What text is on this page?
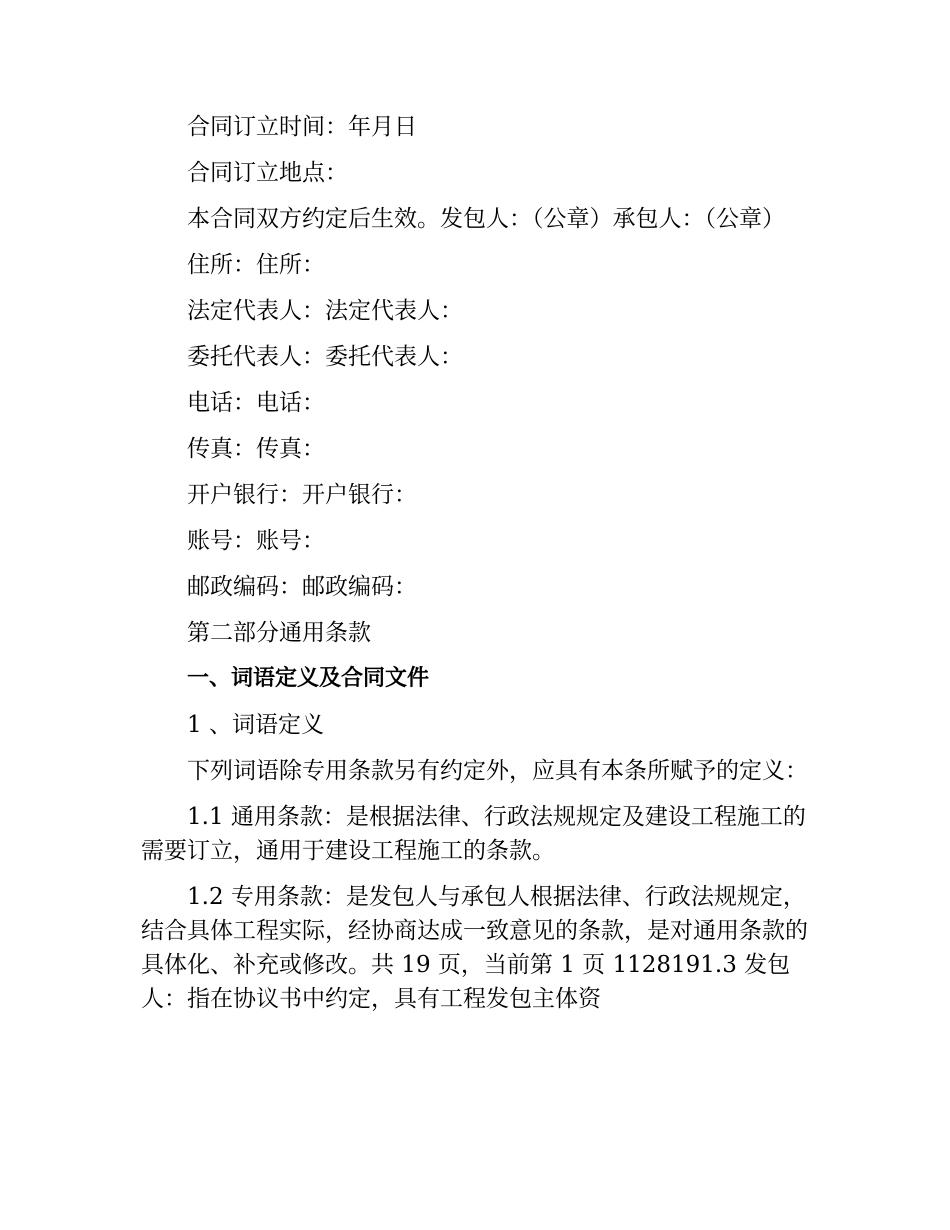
合同订立时间：年月日

合同订立地点：

本合同双方约定后生效。发包人：（公章）承包人：（公章）

住所：住所：

法定代表人：法定代表人：

委托代表人：委托代表人：

电话：电话：

传真：传真：

开户银行：开户银行：

账号：账号：

邮政编码：邮政编码：

第二部分通用条款

一、词语定义及合同文件

1 、词语定义

下列词语除专用条款另有约定外，应具有本条所赋予的定义：

1.1 通用条款：是根据法律、行政法规规定及建设工程施工的需要订立，通用于建设工程施工的条款。

1.2 专用条款：是发包人与承包人根据法律、行政法规规定，结合具体工程实际，经协商达成一致意见的条款，是对通用条款的具体化、补充或修改。共 19 页，当前第 1 页 1128191.3 发包人：指在协议书中约定，具有工程发包主体资
